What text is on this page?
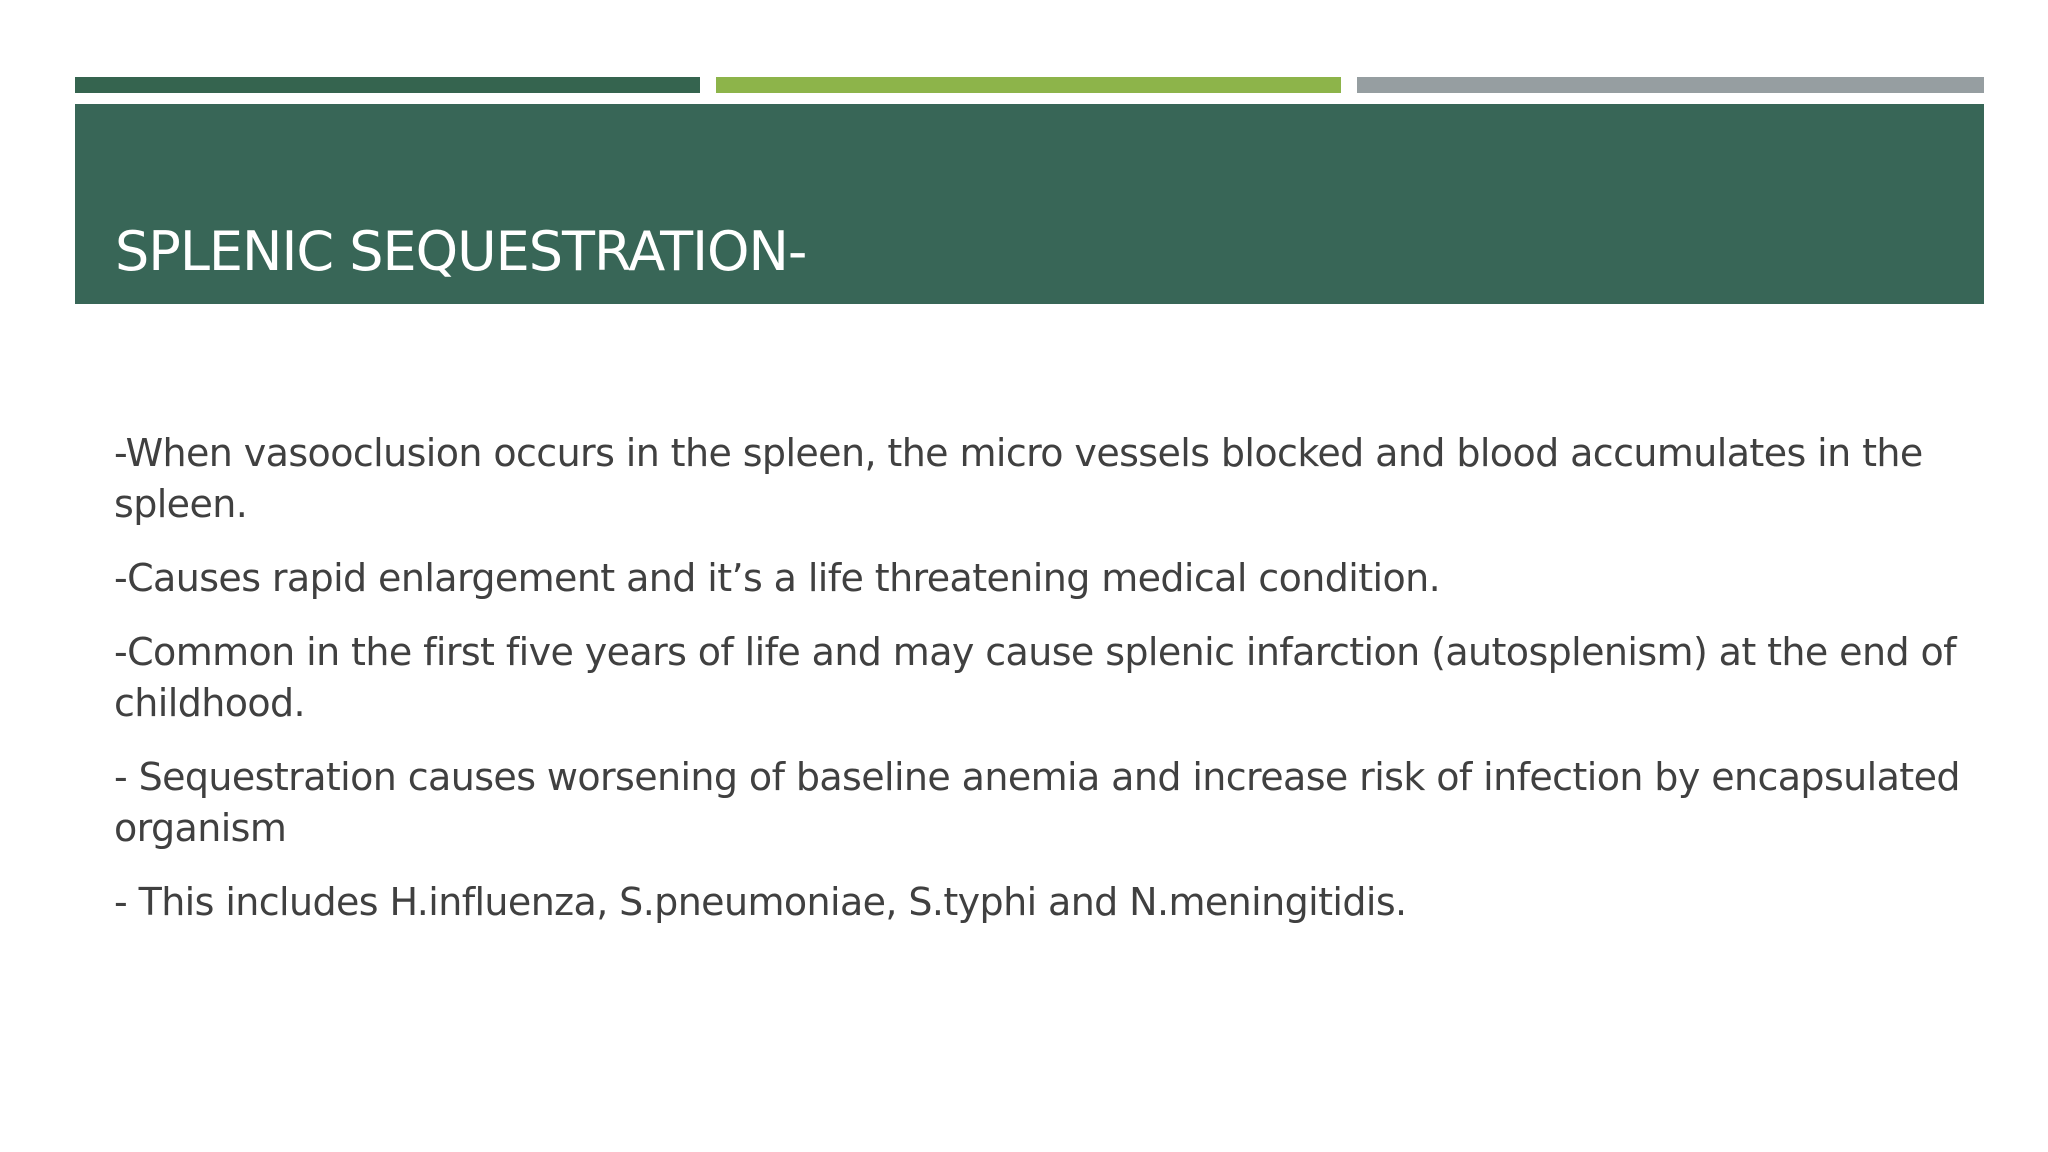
SPLENIC SEQUESTRATION-

-When vasooclusion occurs in the spleen, the micro vessels blocked and blood accumulates in the spleen.

-Causes rapid enlargement and it’s a life threatening medical condition.

-Common in the first five years of life and may cause splenic infarction (autosplenism) at the end of childhood.

- Sequestration causes worsening of baseline anemia and increase risk of infection by encapsulated organism

- This includes H.influenza, S.pneumoniae, S.typhi and N.meningitidis.
